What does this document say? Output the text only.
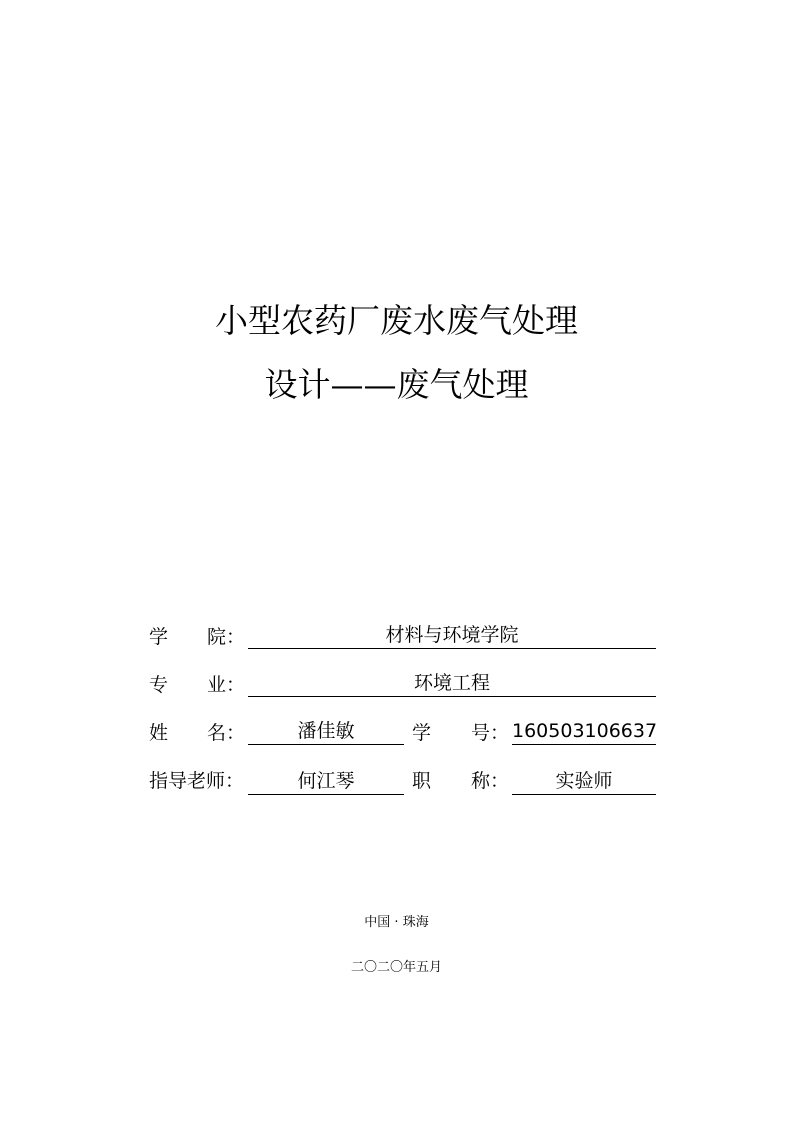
小型农药厂废水废气处理
设计——废气处理
学 院：	材料与环境学院
专 业：	环境工程
姓 名：	潘佳敏	学 号： 160503106637
指导老师：	何江琴	职 称：	实验师
中国 · 珠海
二〇二〇年五月
